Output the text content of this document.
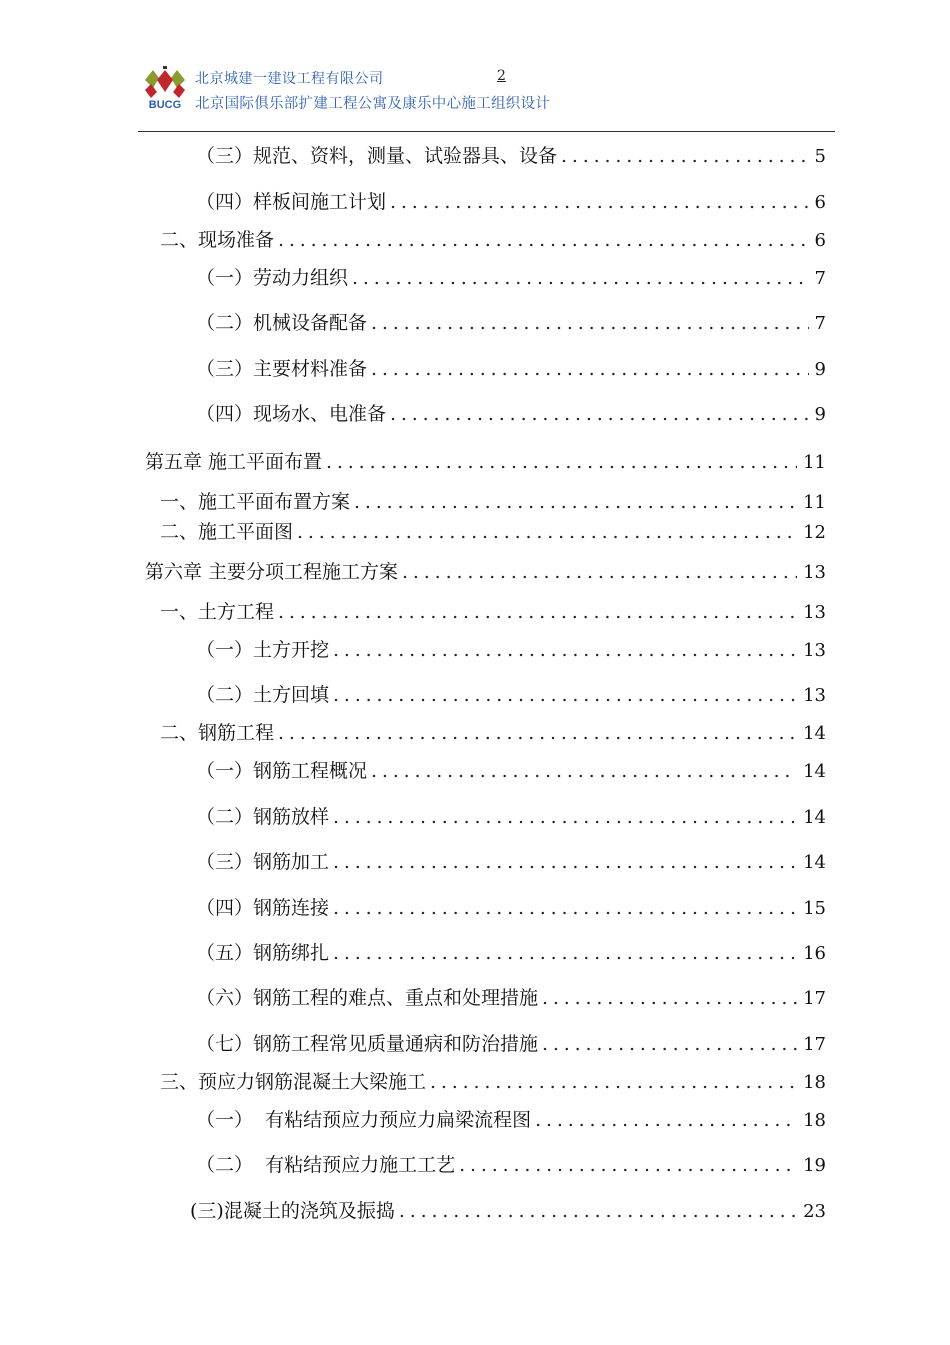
BUCG
北京城建一建设工程有限公司	2
北京国际俱乐部扩建工程公寓及康乐中心施工组织设计
（三）规范、资料，测量、试验器具、设备 . . .	5
（四）样板间施工计划 . . .	6
二、现场准备 . . .	6
（一）劳动力组织 . . .	7
（二）机械设备配备 . . .	7
（三）主要材料准备 . . .	9
（四）现场水、电准备 . . .	9
第五章 施工平面布置 . . .	11
一、施工平面布置方案 . . .	11
二、施工平面图 . . .	12
第六章 主要分项工程施工方案 . . .	13
一、土方工程 . . .	13
（一）土方开挖 . . .	13
（二）土方回填 . . .	13
二、钢筋工程 . . .	14
（一）钢筋工程概况 . . .	14
（二）钢筋放样 . . .	14
（三）钢筋加工 . . .	14
（四）钢筋连接 . . .	15
（五）钢筋绑扎 . . .	16
（六）钢筋工程的难点、重点和处理措施 . . .	17
（七）钢筋工程常见质量通病和防治措施 . . .	17
三、预应力钢筋混凝土大梁施工 . . .	18
（一）  有粘结预应力预应力扁梁流程图 . . .	18
（二）  有粘结预应力施工工艺 . . .	19
(三)混凝土的浇筑及振捣 . . .	23
